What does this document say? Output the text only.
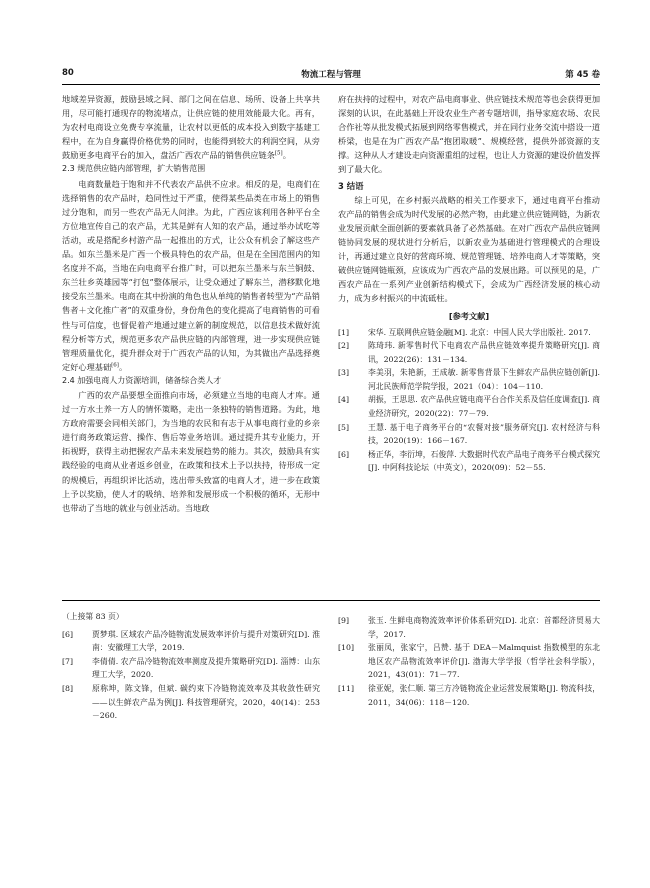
80	物流工程与管理	第 45 卷

地域差异资源，鼓励县域之间、部门之间在信息、场所、设备上共享共用，尽可能打通现存的物流堵点，让供应链的使用效能最大化。再有，为农村电商设立免费专享流量，让农村以更低的成本投入到数字基建工程中，在为自身赢得价格优势的同时，也能得到较大的利润空间，从旁鼓励更多电商平台的加入，盘活广西农产品的销售供应链条[5]。

2.3 规范供应链内部管理，扩大销售范围

电商数量趋于饱和并不代表农产品供不应求。相反的是，电商们在选择销售的农产品时，趋同性过于严重，使得某些品类在市场上的销售过分饱和，而另一些农产品无人问津。为此，广西应该利用各种平台全方位地宣传自己的农产品，尤其是鲜有人知的农产品，通过举办试吃等活动，或是搭配乡村游产品一起推出的方式，让公众有机会了解这些产品。如东兰墨米是广西一个极具特色的农产品，但是在全国范围内的知名度并不高，当地在向电商平台推广时，可以把东兰墨米与东兰铜鼓、东兰壮乡英雄园等“打包”整体展示，让受众通过了解东兰，潜移默化地接受东兰墨米。电商在其中扮演的角色也从单纯的销售者转型为“产品销售者＋文化推广者”的双重身份，身份角色的变化提高了电商销售的可看性与可信度，也督促着产地通过建立新的制度规范，以信息技术做好流程分析等方式，规范更多农产品供应链的内部管理，进一步实现供应链管理质量优化，提升群众对于广西农产品的认知，为其做出产品选择奠定好心理基础[6]。

2.4 加强电商人力资源培训，储备综合类人才

广西的农产品要想全面推向市场，必须建立当地的电商人才库。通过一方水土养一方人的情怀策略，走出一条独特的销售道路。为此，地方政府需要会同相关部门，为当地的农民和有志于从事电商行业的乡亲进行商务政策运营、操作、售后等业务培训。通过提升其专业能力，开拓视野，获得主动把握农产品未来发展趋势的能力。其次，鼓励具有实践经验的电商从业者返乡创业，在政策和技术上予以扶持，待形成一定的规模后，再组织评比活动，选出带头致富的电商人才，进一步在政策上予以奖励，使人才的吸纳、培养和发展形成一个积极的循环，无形中也带动了当地的就业与创业活动。当地政

府在扶持的过程中，对农产品电商事业、供应链技术规范等也会获得更加深刻的认识，在此基础上开设农业生产者专题培训，指导家庭农场、农民合作社等从批发模式拓展到网络零售模式，并在同行业务交流中搭设一道桥梁，也是在为广西农产品“抱团取暖”、规模经营，提供外部资源的支撑。这种从人才建设走向资源重组的过程，也让人力资源的建设价值发挥到了最大化。

3 结语

综上可见，在乡村振兴战略的相关工作要求下，通过电商平台推动农产品的销售会成为时代发展的必然产物，由此建立供应链网链，为新农业发展贡献全面创新的要素就具备了必然基础。在对广西农产品供应链网链协同发展的现状进行分析后，以新农业为基础进行管理模式的合理设计，再通过建立良好的营商环境、规范管理链、培养电商人才等策略，突破供应链网链瓶颈，应该成为广西农产品的发展出路。可以预见的是，广西农产品在一系列产业创新结构模式下，会成为广西经济发展的核心动力，成为乡村振兴的中流砥柱。

[参考文献]
[1] 宋华. 互联网供应链金融[M]. 北京：中国人民大学出版社. 2017.
[2] 陈琦玮. 新零售时代下电商农产品供应链效率提升策略研究[J]. 商讯，2022(26)：131－134.
[3] 李美羽，朱艳新，王成敏. 新零售背景下生鲜农产品供应链创新[J]. 河北民族师范学院学报，2021（04）：104－110.
[4] 胡振，王思思. 农产品供应链电商平台合作关系及信任度调查[J]. 商业经济研究，2020(22)：77－79.
[5] 王慧. 基于电子商务平台的“农餐对接”服务研究[J]. 农村经济与科技，2020(19)：166－167.
[6] 杨正华，李衍坤，石俊萍. 大数据时代农产品电子商务平台模式探究[J]. 中阿科技论坛（中英文），2020(09)：52－55.
（上接第 83 页）
[6] 贾梦琪. 区域农产品冷链物流发展效率评价与提升对策研究[D]. 淮南：安徽理工大学，2019.
[7] 李倩倩. 农产品冷链物流效率测度及提升策略研究[D]. 淄博：山东理工大学，2020.
[8] 原称坤，陈文锋，但斌. 碳约束下冷链物流效率及其收敛性研究——以生鲜农产品为例[J]. 科技管理研究，2020，40(14)：253－260.
[9] 张玉. 生鲜电商物流效率评价体系研究[D]. 北京：首都经济贸易大学，2017.
[10] 张丽凤，张家宁，吕赞. 基于 DEA－Malmquist 指数模型的东北地区农产品物流效率评价[J]. 渤海大学学报（哲学社会科学版），2021，43(01)：71－77.
[11] 徐亚妮，张仁顺. 第三方冷链物流企业运营发展策略[J]. 物流科技，2011，34(06)：118－120.
